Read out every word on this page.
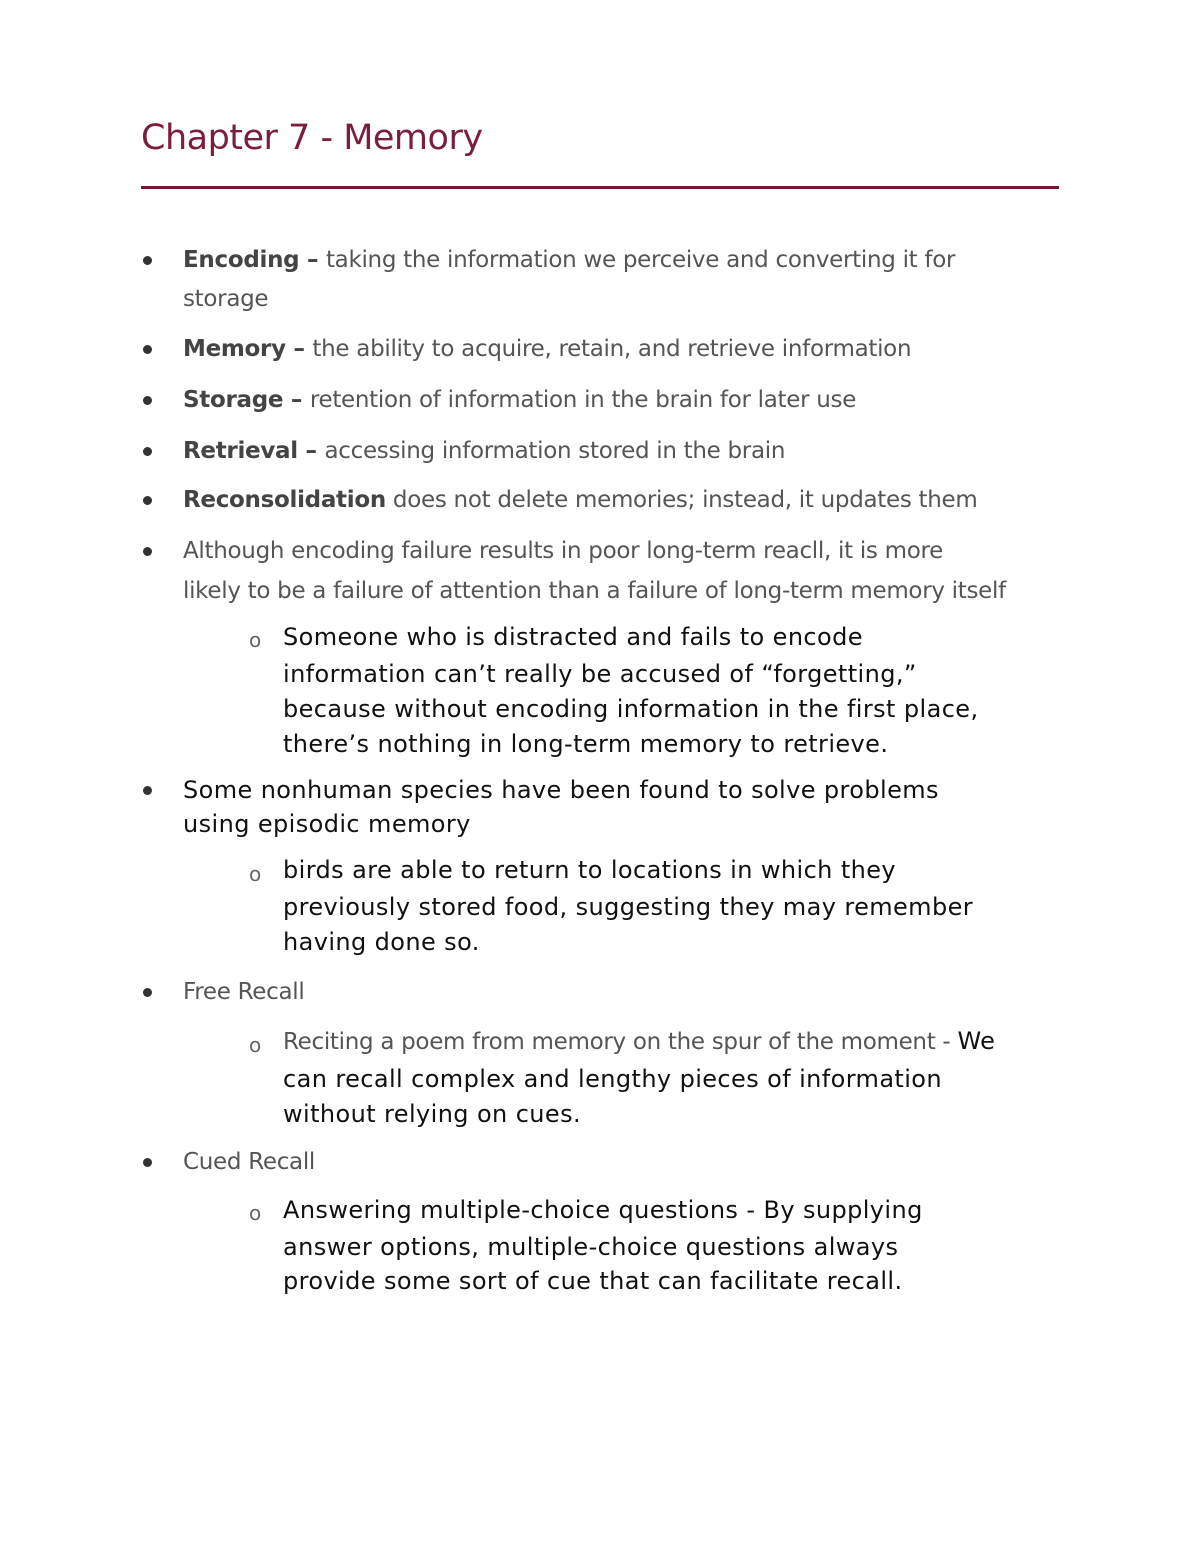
Chapter 7 - Memory
Encoding – taking the information we perceive and converting it for
storage
Memory – the ability to acquire, retain, and retrieve information
Storage – retention of information in the brain for later use
Retrieval – accessing information stored in the brain
Reconsolidation does not delete memories; instead, it updates them
Although encoding failure results in poor long-term reacll, it is more
likely to be a failure of attention than a failure of long-term memory itself
o Someone who is distracted and fails to encode
information can’t really be accused of “forgetting,”
because without encoding information in the first place,
there’s nothing in long-term memory to retrieve.
Some nonhuman species have been found to solve problems
using episodic memory
o birds are able to return to locations in which they
previously stored food, suggesting they may remember
having done so.
Free Recall
o Reciting a poem from memory on the spur of the moment - We
can recall complex and lengthy pieces of information
without relying on cues.
Cued Recall
o Answering multiple-choice questions - By supplying
answer options, multiple-choice questions always
provide some sort of cue that can facilitate recall.
